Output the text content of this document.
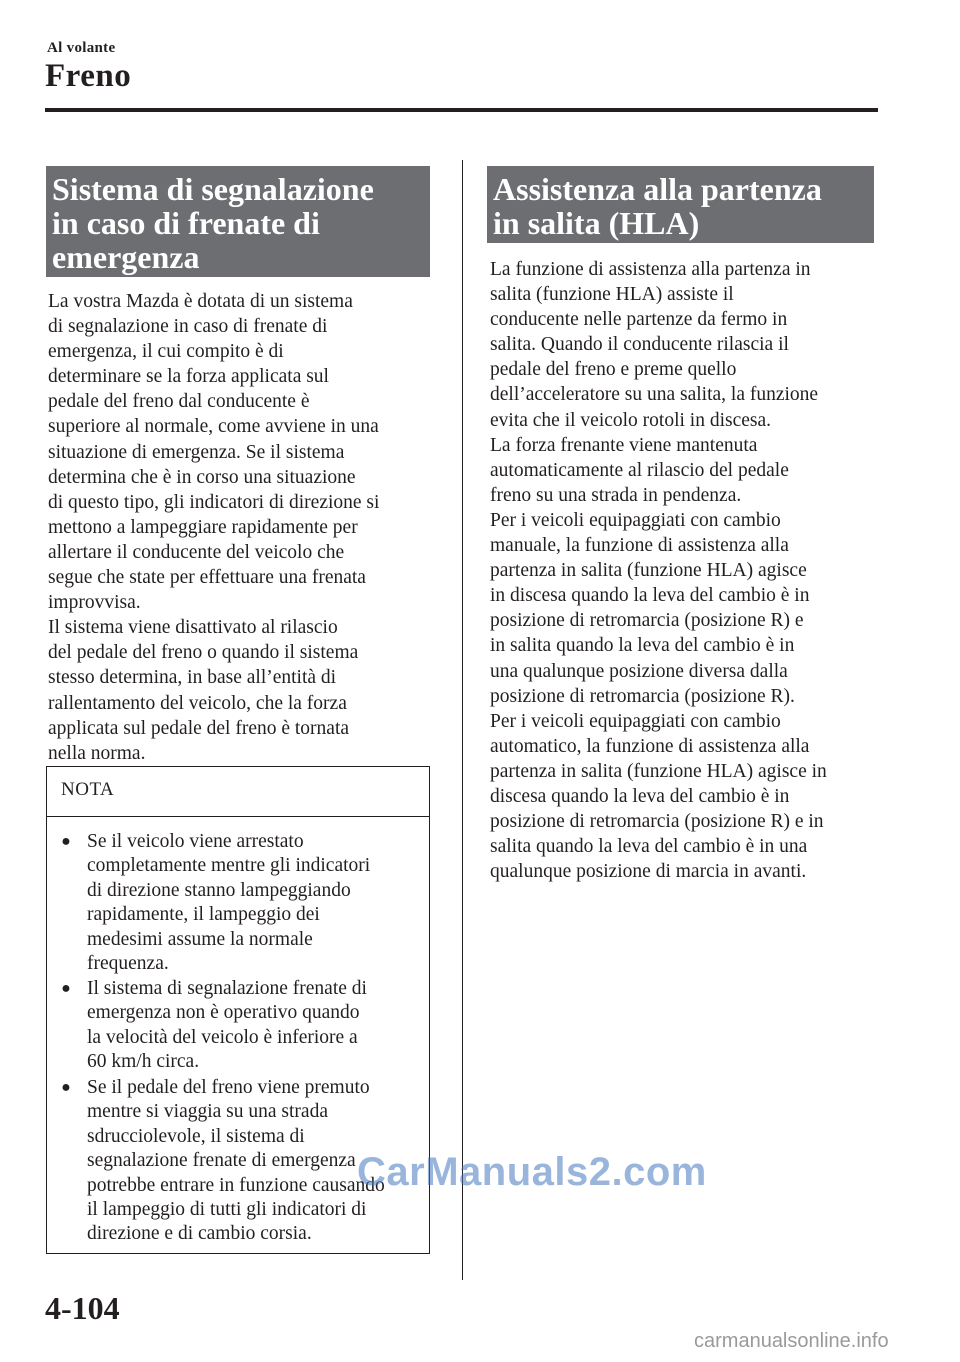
Al volante
Freno
Sistema di segnalazione
in caso di frenate di
emergenza
La vostra Mazda è dotata di un sistema
di segnalazione in caso di frenate di
emergenza, il cui compito è di
determinare se la forza applicata sul
pedale del freno dal conducente è
superiore al normale, come avviene in una
situazione di emergenza. Se il sistema
determina che è in corso una situazione
di questo tipo, gli indicatori di direzione si
mettono a lampeggiare rapidamente per
allertare il conducente del veicolo che
segue che state per effettuare una frenata
improvvisa.
Il sistema viene disattivato al rilascio
del pedale del freno o quando il sistema
stesso determina, in base all’entità di
rallentamento del veicolo, che la forza
applicata sul pedale del freno è tornata
nella norma.
NOTA
● Se il veicolo viene arrestato
completamente mentre gli indicatori
di direzione stanno lampeggiando
rapidamente, il lampeggio dei
medesimi assume la normale
frequenza.
● Il sistema di segnalazione frenate di
emergenza non è operativo quando
la velocità del veicolo è inferiore a
60 km/h circa.
● Se il pedale del freno viene premuto
mentre si viaggia su una strada
sdrucciolevole, il sistema di
segnalazione frenate di emergenza
potrebbe entrare in funzione causando
il lampeggio di tutti gli indicatori di
direzione e di cambio corsia.
Assistenza alla partenza
in salita (HLA)
La funzione di assistenza alla partenza in
salita (funzione HLA) assiste il
conducente nelle partenze da fermo in
salita. Quando il conducente rilascia il
pedale del freno e preme quello
dell’acceleratore su una salita, la funzione
evita che il veicolo rotoli in discesa.
La forza frenante viene mantenuta
automaticamente al rilascio del pedale
freno su una strada in pendenza.
Per i veicoli equipaggiati con cambio
manuale, la funzione di assistenza alla
partenza in salita (funzione HLA) agisce
in discesa quando la leva del cambio è in
posizione di retromarcia (posizione R) e
in salita quando la leva del cambio è in
una qualunque posizione diversa dalla
posizione di retromarcia (posizione R).
Per i veicoli equipaggiati con cambio
automatico, la funzione di assistenza alla
partenza in salita (funzione HLA) agisce in
discesa quando la leva del cambio è in
posizione di retromarcia (posizione R) e in
salita quando la leva del cambio è in una
qualunque posizione di marcia in avanti.
4-104
CarManuals2.com
carmanualsonline.info
